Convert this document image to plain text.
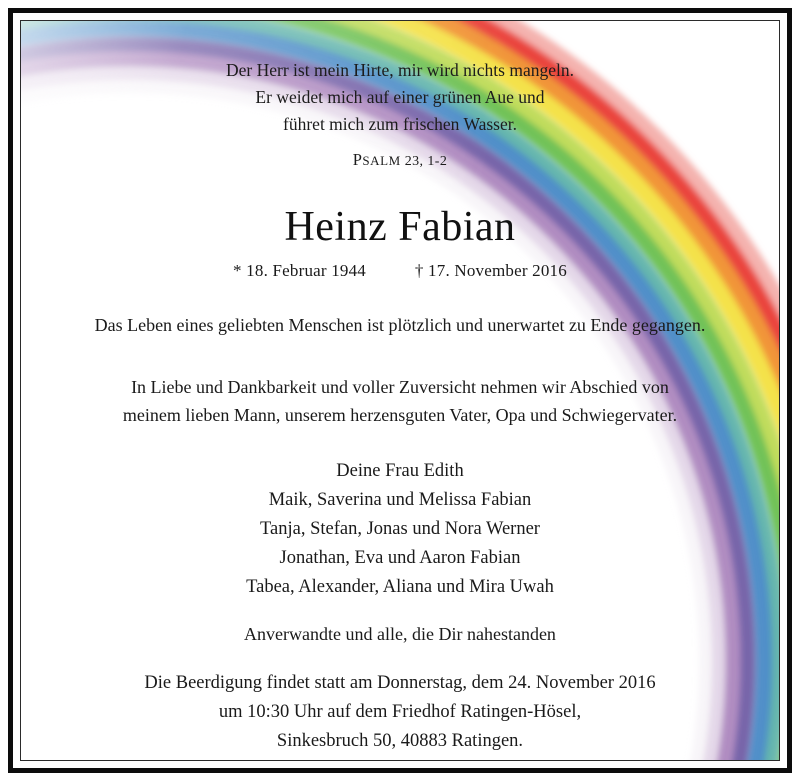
Der Herr ist mein Hirte, mir wird nichts mangeln.
Er weidet mich auf einer grünen Aue und
führet mich zum frischen Wasser.
PSALM 23, 1-2
Heinz Fabian
* 18. Februar 1944	† 17. November 2016
Das Leben eines geliebten Menschen ist plötzlich und unerwartet zu Ende gegangen.
In Liebe und Dankbarkeit und voller Zuversicht nehmen wir Abschied von
meinem lieben Mann, unserem herzensguten Vater, Opa und Schwiegervater.
Deine Frau Edith
Maik, Saverina und Melissa Fabian
Tanja, Stefan, Jonas und Nora Werner
Jonathan, Eva und Aaron Fabian
Tabea, Alexander, Aliana und Mira Uwah
Anverwandte und alle, die Dir nahestanden
Die Beerdigung findet statt am Donnerstag, dem 24. November 2016
um 10:30 Uhr auf dem Friedhof Ratingen-Hösel,
Sinkesbruch 50, 40883 Ratingen.
